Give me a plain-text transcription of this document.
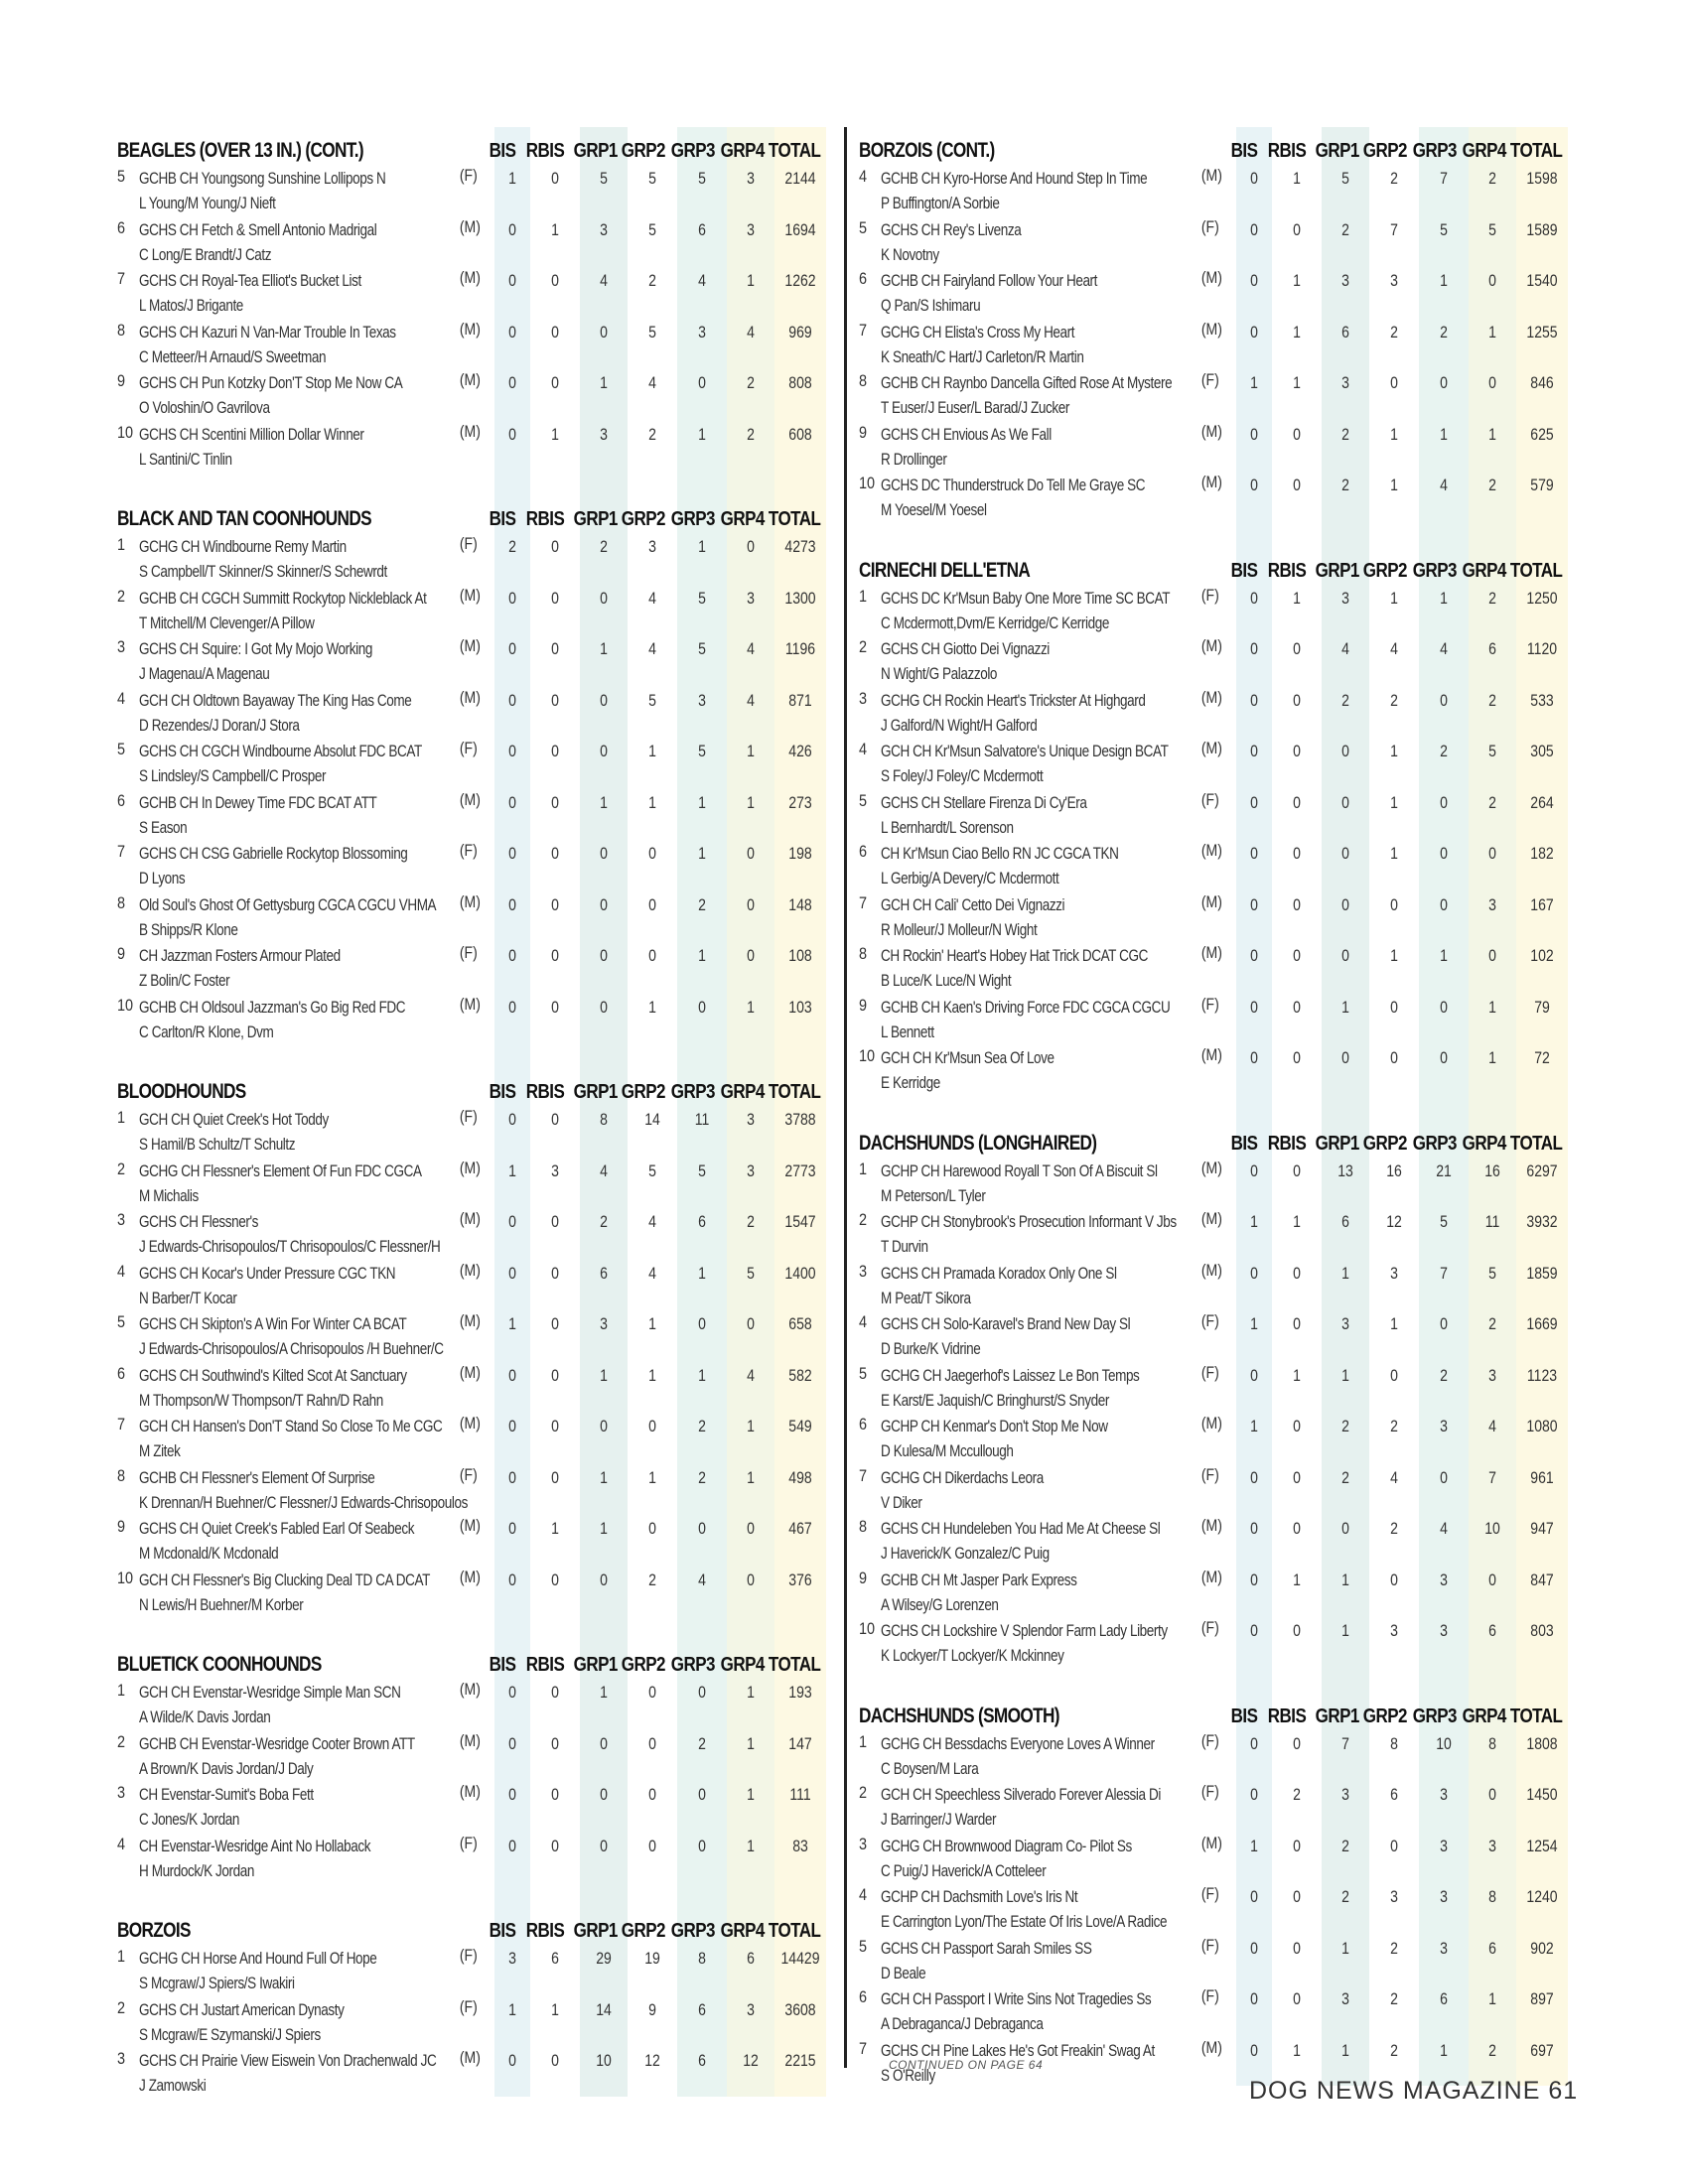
BEAGLES (OVER 13 IN.) (CONT.)	BIS RBIS GRP1 GRP2 GRP3 GRP4 TOTAL
5 GCHB CH Youngsong Sunshine Lollipops N
L Young/M Young/J Nieft
(F)	1	0	5	5	5	3	2144
6 GCHS CH Fetch & Smell Antonio Madrigal
C Long/E Brandt/J Catz
(M)	0	1	3	5	6	3	1694
7 GCHS CH Royal-Tea Elliot's Bucket List
L Matos/J Brigante
(M)	0	0	4	2	4	1	1262
8 GCHS CH Kazuri N Van-Mar Trouble In Texas
C Metteer/H Arnaud/S Sweetman
(M)	0	0	0	5	3	4	969
9 GCHS CH Pun Kotzky Don'T Stop Me Now CA
O Voloshin/O Gavrilova
(M)	0	0	1	4	0	2	808
10 GCHS CH Scentini Million Dollar Winner
L Santini/C Tinlin
(M)	0	1	3	2	1	2	608
BLACK AND TAN COONHOUNDS	BIS RBIS GRP1 GRP2 GRP3 GRP4 TOTAL
1 GCHG CH Windbourne Remy Martin
S Campbell/T Skinner/S Skinner/S Schewrdt
(F)	2	0	2	3	1	0	4273
2 GCHB CH CGCH Summitt Rockytop Nickleblack At
T Mitchell/M Clevenger/A Pillow
(M)	0	0	0	4	5	3	1300
3 GCHS CH Squire: I Got My Mojo Working
J Magenau/A Magenau
(M)	0	0	1	4	5	4	1196
4 GCH CH Oldtown Bayaway The King Has Come
D Rezendes/J Doran/J Stora
(M)	0	0	0	5	3	4	871
5 GCHS CH CGCH Windbourne Absolut FDC BCAT
S Lindsley/S Campbell/C Prosper
(F)	0	0	0	1	5	1	426
6 GCHB CH In Dewey Time FDC BCAT ATT
S Eason
(M)	0	0	1	1	1	1	273
7 GCHS CH CSG Gabrielle Rockytop Blossoming
D Lyons
(F)	0	0	0	0	1	0	198
8 Old Soul's Ghost Of Gettysburg CGCA CGCU VHMA
B Shipps/R Klone
(M)	0	0	0	0	2	0	148
9 CH Jazzman Fosters Armour Plated
Z Bolin/C Foster
(F)	0	0	0	0	1	0	108
10 GCHB CH Oldsoul Jazzman's Go Big Red FDC
C Carlton/R Klone, Dvm
(M)	0	0	0	1	0	1	103
BLOODHOUNDS	BIS RBIS GRP1 GRP2 GRP3 GRP4 TOTAL
1 GCH CH Quiet Creek's Hot Toddy
S Hamil/B Schultz/T Schultz
(F)	0	0	8	14	11	3	3788
2 GCHG CH Flessner's Element Of Fun FDC CGCA
M Michalis
(M)	1	3	4	5	5	3	2773
3 GCHS CH Flessner's
J Edwards-Chrisopoulos/T Chrisopoulos/C Flessner/H
(M)	0	0	2	4	6	2	1547
4 GCHS CH Kocar's Under Pressure CGC TKN
N Barber/T Kocar
(M)	0	0	6	4	1	5	1400
5 GCHS CH Skipton's A Win For Winter CA BCAT
J Edwards-Chrisopoulos/A Chrisopoulos /H Buehner/C
(M)	1	0	3	1	0	0	658
6 GCHS CH Southwind's Kilted Scot At Sanctuary
M Thompson/W Thompson/T Rahn/D Rahn
(M)	0	0	1	1	1	4	582
7 GCH CH Hansen's Don'T Stand So Close To Me CGC
M Zitek
(M)	0	0	0	0	2	1	549
8 GCHB CH Flessner's Element Of Surprise
K Drennan/H Buehner/C Flessner/J Edwards-Chrisopoulos
(F)	0	0	1	1	2	1	498
9 GCHS CH Quiet Creek's Fabled Earl Of Seabeck
M Mcdonald/K Mcdonald
(M)	0	1	1	0	0	0	467
10 GCH CH Flessner's Big Clucking Deal TD CA DCAT
N Lewis/H Buehner/M Korber
(M)	0	0	0	2	4	0	376
BLUETICK COONHOUNDS	BIS RBIS GRP1 GRP2 GRP3 GRP4 TOTAL
1 GCH CH Evenstar-Wesridge Simple Man SCN
A Wilde/K Davis Jordan
(M)	0	0	1	0	0	1	193
2 GCHB CH Evenstar-Wesridge Cooter Brown ATT
A Brown/K Davis Jordan/J Daly
(M)	0	0	0	0	2	1	147
3 CH Evenstar-Sumit's Boba Fett
C Jones/K Jordan
(M)	0	0	0	0	0	1	111
4 CH Evenstar-Wesridge Aint No Hollaback
H Murdock/K Jordan
(F)	0	0	0	0	0	1	83
BORZOIS	BIS RBIS GRP1 GRP2 GRP3 GRP4 TOTAL
1 GCHG CH Horse And Hound Full Of Hope
S Mcgraw/J Spiers/S Iwakiri
(F)	3	6	29	19	8	6	14429
2 GCHS CH Justart American Dynasty
S Mcgraw/E Szymanski/J Spiers
(F)	1	1	14	9	6	3	3608
3 GCHS CH Prairie View Eiswein Von Drachenwald JC
J Zamowski
(M)	0	0	10	12	6	12	2215
BORZOIS (CONT.)	BIS RBIS GRP1 GRP2 GRP3 GRP4 TOTAL
4 GCHB CH Kyro-Horse And Hound Step In Time
P Buffington/A Sorbie
(M)	0	1	5	2	7	2	1598
5 GCHS CH Rey's Livenza
K Novotny
(F)	0	0	2	7	5	5	1589
6 GCHB CH Fairyland Follow Your Heart
Q Pan/S Ishimaru
(M)	0	1	3	3	1	0	1540
7 GCHG CH Elista's Cross My Heart
K Sneath/C Hart/J Carleton/R Martin
(M)	0	1	6	2	2	1	1255
8 GCHB CH Raynbo Dancella Gifted Rose At Mystere
T Euser/J Euser/L Barad/J Zucker
(F)	1	1	3	0	0	0	846
9 GCHS CH Envious As We Fall
R Drollinger
(M)	0	0	2	1	1	1	625
10 GCHS DC Thunderstruck Do Tell Me Graye SC
M Yoesel/M Yoesel
(M)	0	0	2	1	4	2	579
CIRNECHI DELL'ETNA	BIS RBIS GRP1 GRP2 GRP3 GRP4 TOTAL
1 GCHS DC Kr'Msun Baby One More Time SC BCAT
C Mcdermott,Dvm/E Kerridge/C Kerridge
(F)	0	1	3	1	1	2	1250
2 GCHS CH Giotto Dei Vignazzi
N Wight/G Palazzolo
(M)	0	0	4	4	4	6	1120
3 GCHG CH Rockin Heart's Trickster At Highgard
J Galford/N Wight/H Galford
(M)	0	0	2	2	0	2	533
4 GCH CH Kr'Msun Salvatore's Unique Design BCAT
S Foley/J Foley/C Mcdermott
(M)	0	0	0	1	2	5	305
5 GCHS CH Stellare Firenza Di Cy'Era
L Bernhardt/L Sorenson
(F)	0	0	0	1	0	2	264
6 CH Kr'Msun Ciao Bello RN JC CGCA TKN
L Gerbig/A Devery/C Mcdermott
(M)	0	0	0	1	0	0	182
7 GCH CH Cali' Cetto Dei Vignazzi
R Molleur/J Molleur/N Wight
(M)	0	0	0	0	0	3	167
8 CH Rockin' Heart's Hobey Hat Trick DCAT CGC
B Luce/K Luce/N Wight
(M)	0	0	0	1	1	0	102
9 GCHB CH Kaen's Driving Force FDC CGCA CGCU
L Bennett
(F)	0	0	1	0	0	1	79
10 GCH CH Kr'Msun Sea Of Love
E Kerridge
(M)	0	0	0	0	0	1	72
DACHSHUNDS (LONGHAIRED)	BIS RBIS GRP1 GRP2 GRP3 GRP4 TOTAL
1 GCHP CH Harewood Royall T Son Of A Biscuit Sl
M Peterson/L Tyler
(M)	0	0	13	16	21	16	6297
2 GCHP CH Stonybrook's Prosecution Informant V Jbs
T Durvin
(M)	1	1	6	12	5	11	3932
3 GCHS CH Pramada Koradox Only One Sl
M Peat/T Sikora
(M)	0	0	1	3	7	5	1859
4 GCHS CH Solo-Karavel's Brand New Day Sl
D Burke/K Vidrine
(F)	1	0	3	1	0	2	1669
5 GCHG CH Jaegerhof's Laissez Le Bon Temps
E Karst/E Jaquish/C Bringhurst/S Snyder
(F)	0	1	1	0	2	3	1123
6 GCHP CH Kenmar's Don't Stop Me Now
D Kulesa/M Mccullough
(M)	1	0	2	2	3	4	1080
7 GCHG CH Dikerdachs Leora
V Diker
(F)	0	0	2	4	0	7	961
8 GCHS CH Hundeleben You Had Me At Cheese Sl
J Haverick/K Gonzalez/C Puig
(M)	0	0	0	2	4	10	947
9 GCHB CH Mt Jasper Park Express
A Wilsey/G Lorenzen
(M)	0	1	1	0	3	0	847
10 GCHS CH Lockshire V Splendor Farm Lady Liberty
K Lockyer/T Lockyer/K Mckinney
(F)	0	0	1	3	3	6	803
DACHSHUNDS (SMOOTH)	BIS RBIS GRP1 GRP2 GRP3 GRP4 TOTAL
1 GCHG CH Bessdachs Everyone Loves A Winner
C Boysen/M Lara
(F)	0	0	7	8	10	8	1808
2 GCH CH Speechless Silverado Forever Alessia Di
J Barringer/J Warder
(F)	0	2	3	6	3	0	1450
3 GCHG CH Brownwood Diagram Co- Pilot Ss
C Puig/J Haverick/A Cotteleer
(M)	1	0	2	0	3	3	1254
4 GCHP CH Dachsmith Love's Iris Nt
E Carrington Lyon/The Estate Of Iris Love/A Radice
(F)	0	0	2	3	3	8	1240
5 GCHS CH Passport Sarah Smiles SS
D Beale
(F)	0	0	1	2	3	6	902
6 GCH CH Passport I Write Sins Not Tragedies Ss
A Debraganca/J Debraganca
(F)	0	0	3	2	6	1	897
7 GCHS CH Pine Lakes He's Got Freakin' Swag At
S O'Reilly
(M)	0	1	1	2	1	2	697
CONTINUED ON PAGE 64
DOG NEWS MAGAZINE 61
